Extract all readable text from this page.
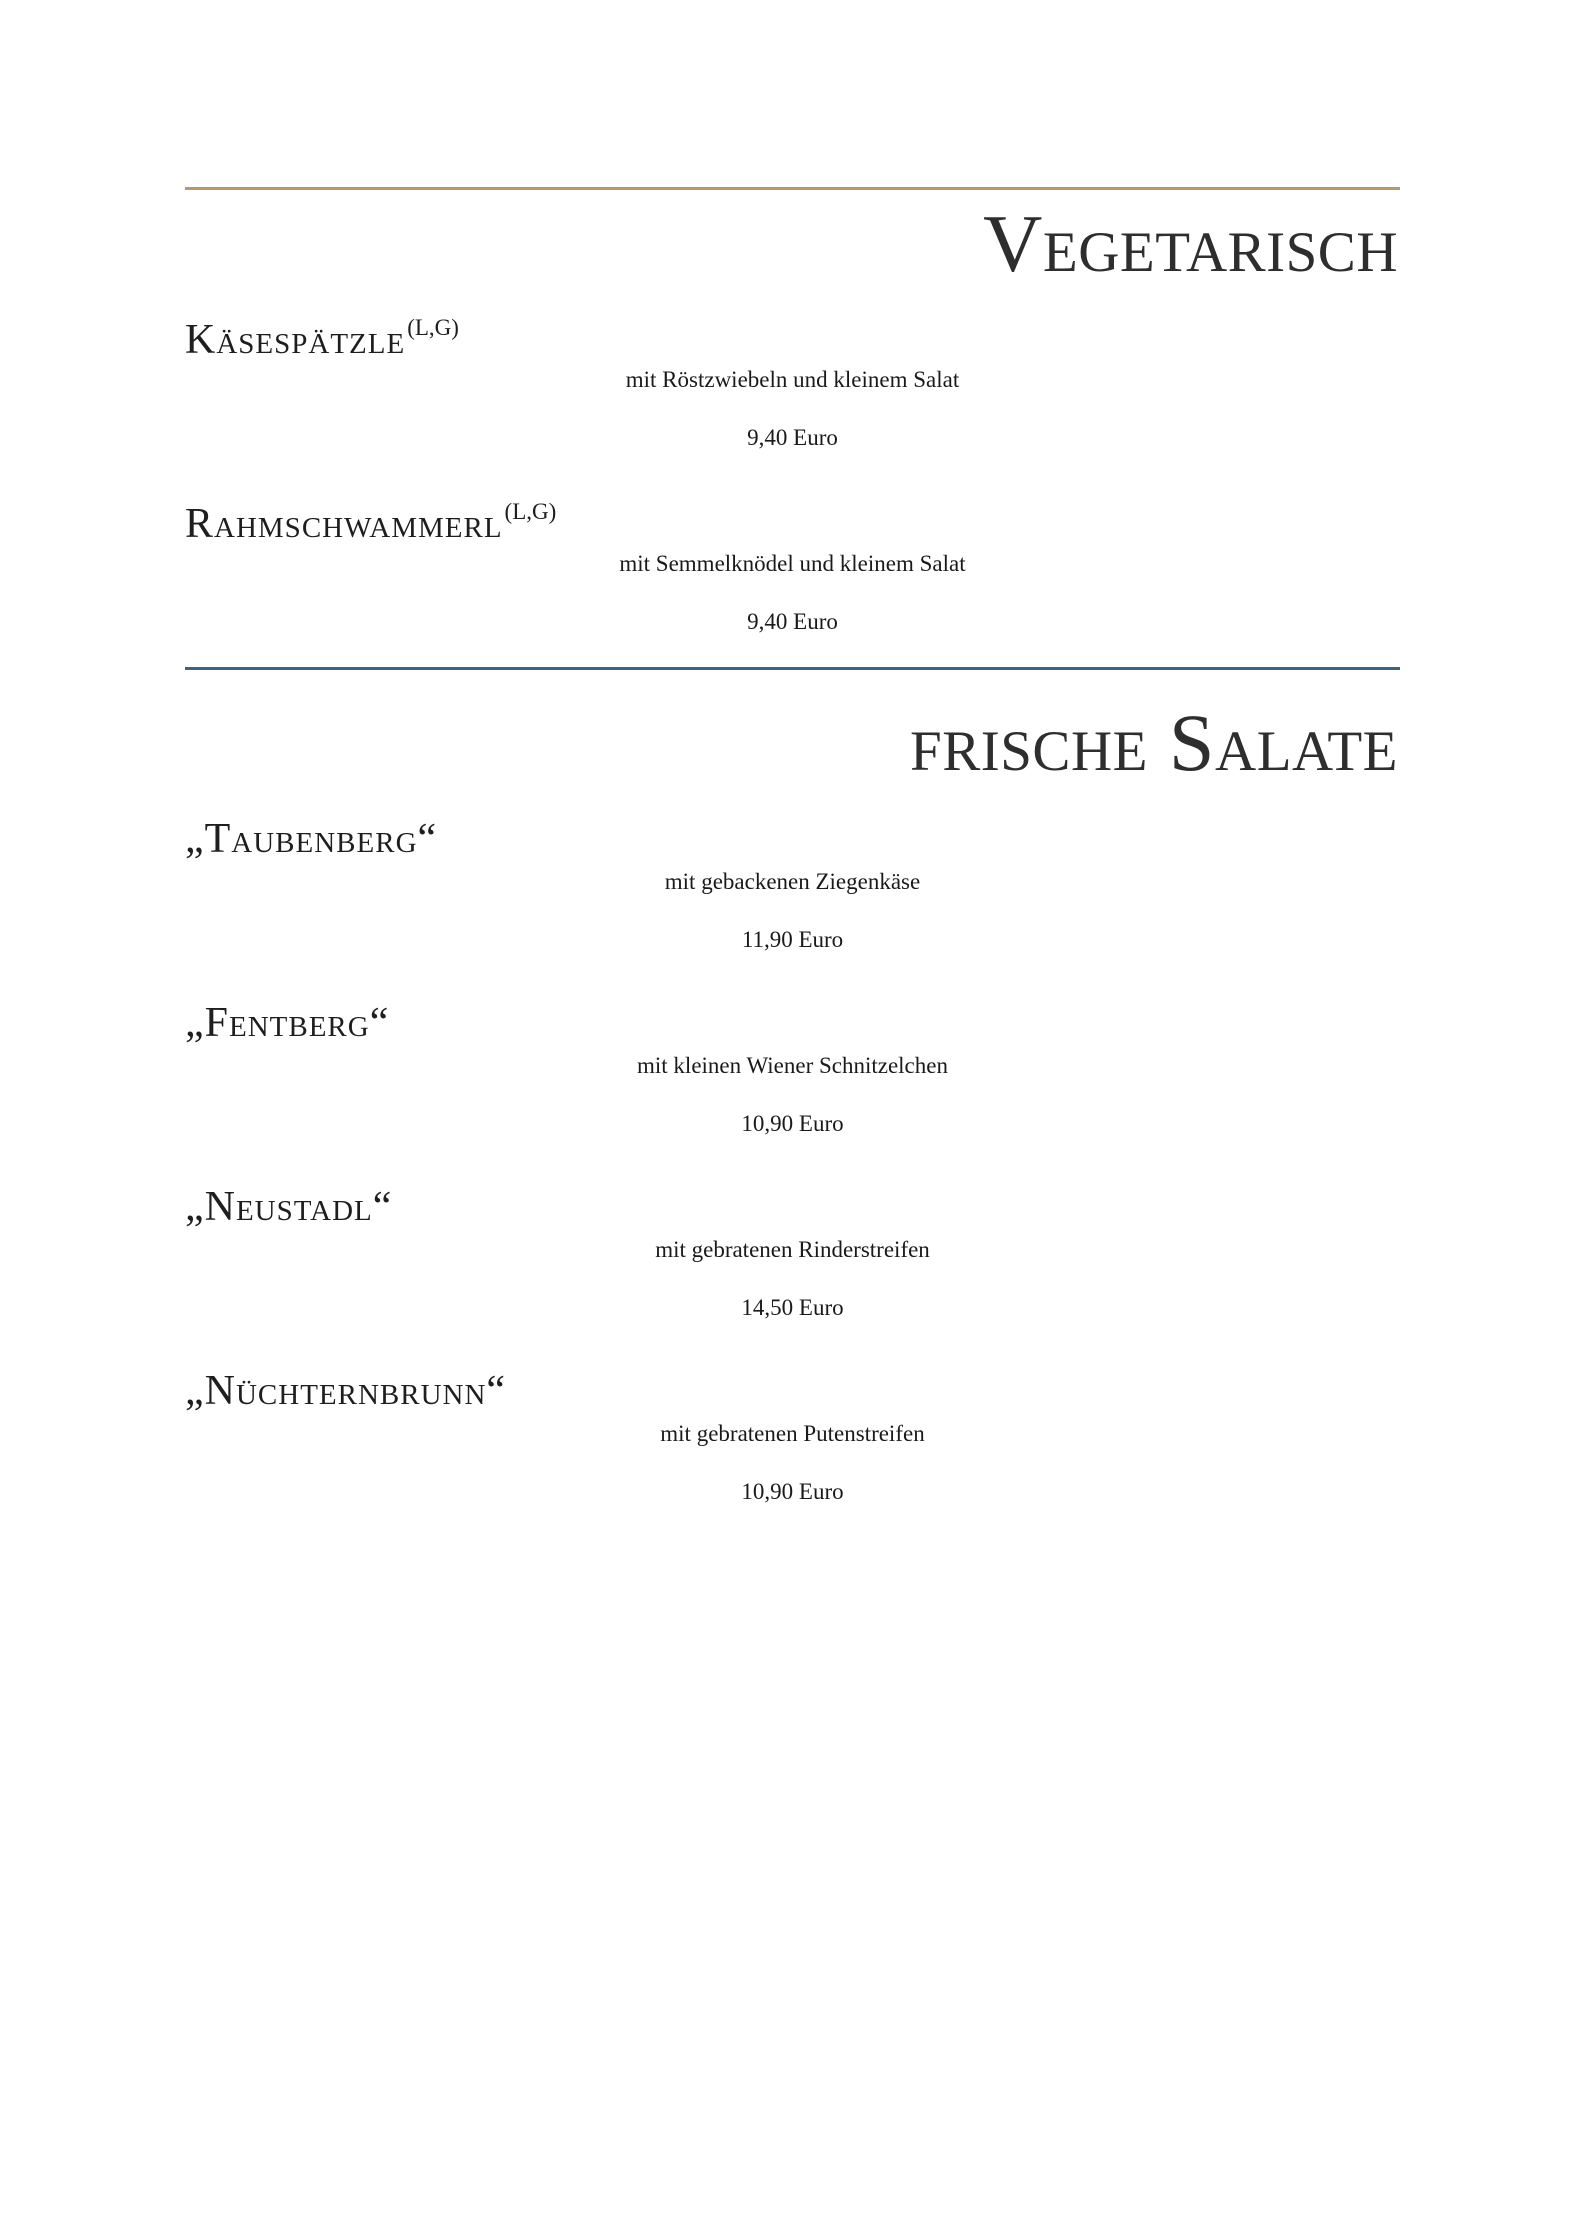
Vegetarisch
Käsespätzle$^{(L,G)}$

mit Röstzwiebeln und kleinem Salat

9,40 Euro

Rahmschwammerl$^{(L,G)}$

mit Semmelknödel und kleinem Salat

9,40 Euro

frische Salate
„Taubenberg“

mit gebackenen Ziegenkäse

11,90 Euro

„Fentberg“

mit kleinen Wiener Schnitzelchen

10,90 Euro

„Neustadl“

mit gebratenen Rinderstreifen

14,50 Euro

„Nüchternbrunn“

mit gebratenen Putenstreifen

10,90 Euro
